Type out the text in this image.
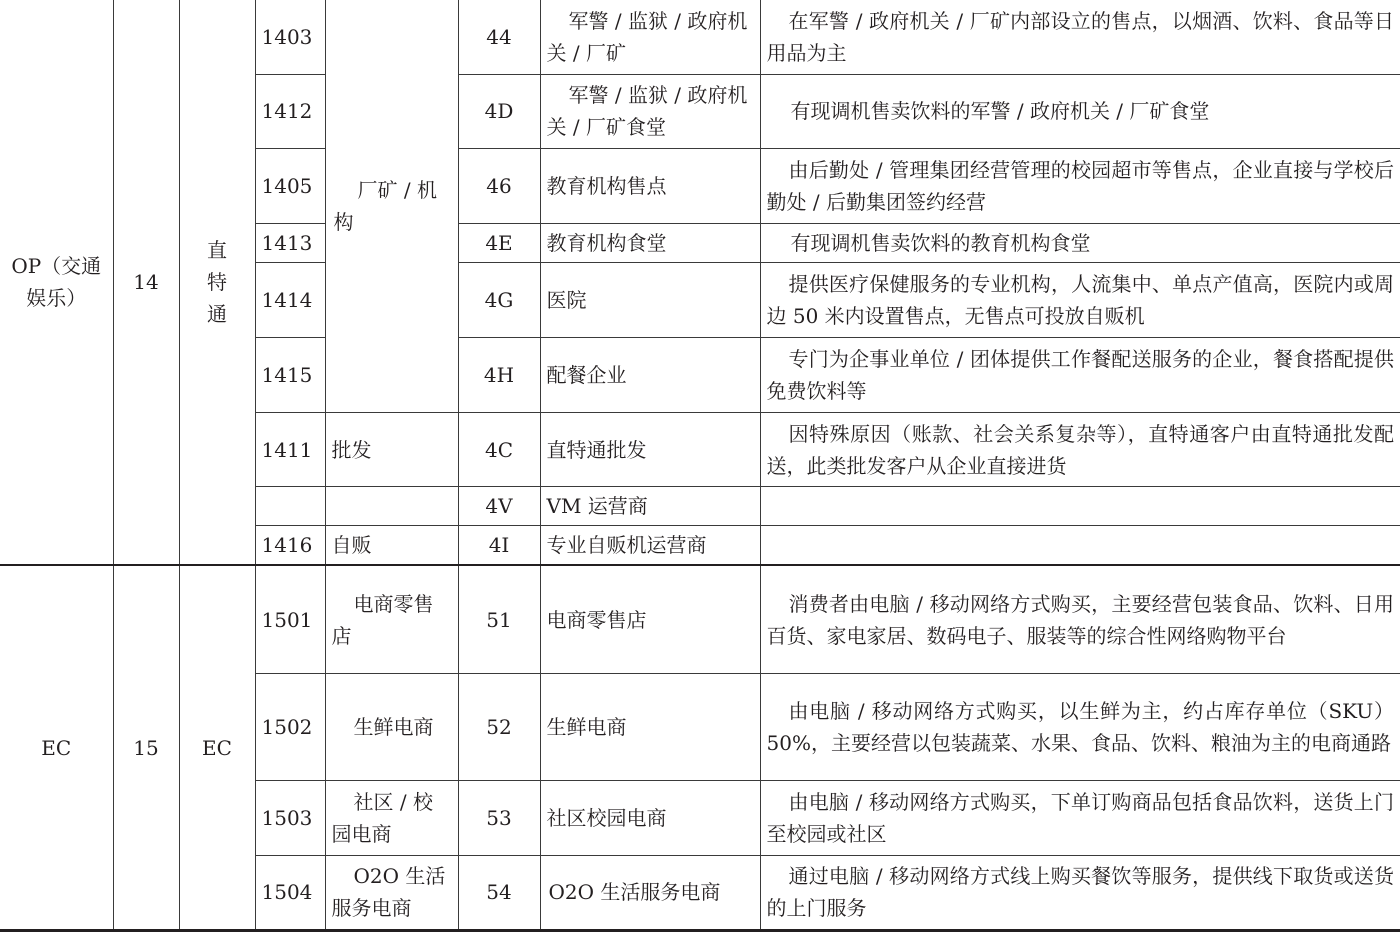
OP（交通娱乐）	14	直特通	1403	厂矿 / 机构	44	军警 / 监狱 / 政府机关 / 厂矿	在军警 / 政府机关 / 厂矿内部设立的售点，以烟酒、饮料、食品等日用品为主
			1412		4D	军警 / 监狱 / 政府机关 / 厂矿食堂	有现调机售卖饮料的军警 / 政府机关 / 厂矿食堂
			1405		46	教育机构售点	由后勤处 / 管理集团经营管理的校园超市等售点，企业直接与学校后勤处 / 后勤集团签约经营
			1413		4E	教育机构食堂	有现调机售卖饮料的教育机构食堂
			1414		4G	医院	提供医疗保健服务的专业机构，人流集中、单点产值高，医院内或周边 50 米内设置售点，无售点可投放自贩机
			1415		4H	配餐企业	专门为企事业单位 / 团体提供工作餐配送服务的企业，餐食搭配提供免费饮料等
			1411	批发	4C	直特通批发	因特殊原因（账款、社会关系复杂等），直特通客户由直特通批发配送，此类批发客户从企业直接进货
					4V	VM 运营商	
			1416	自贩	4I	专业自贩机运营商	
EC	15	EC	1501	电商零售店	51	电商零售店	消费者由电脑 / 移动网络方式购买，主要经营包装食品、饮料、日用百货、家电家居、数码电子、服装等的综合性网络购物平台
			1502	生鲜电商	52	生鲜电商	由电脑 / 移动网络方式购买，以生鲜为主，约占库存单位（SKU）50%，主要经营以包装蔬菜、水果、食品、饮料、粮油为主的电商通路
			1503	社区 / 校园电商	53	社区校园电商	由电脑 / 移动网络方式购买，下单订购商品包括食品饮料，送货上门至校园或社区
			1504	O2O 生活服务电商	54	O2O 生活服务电商	通过电脑 / 移动网络方式线上购买餐饮等服务，提供线下取货或送货的上门服务
